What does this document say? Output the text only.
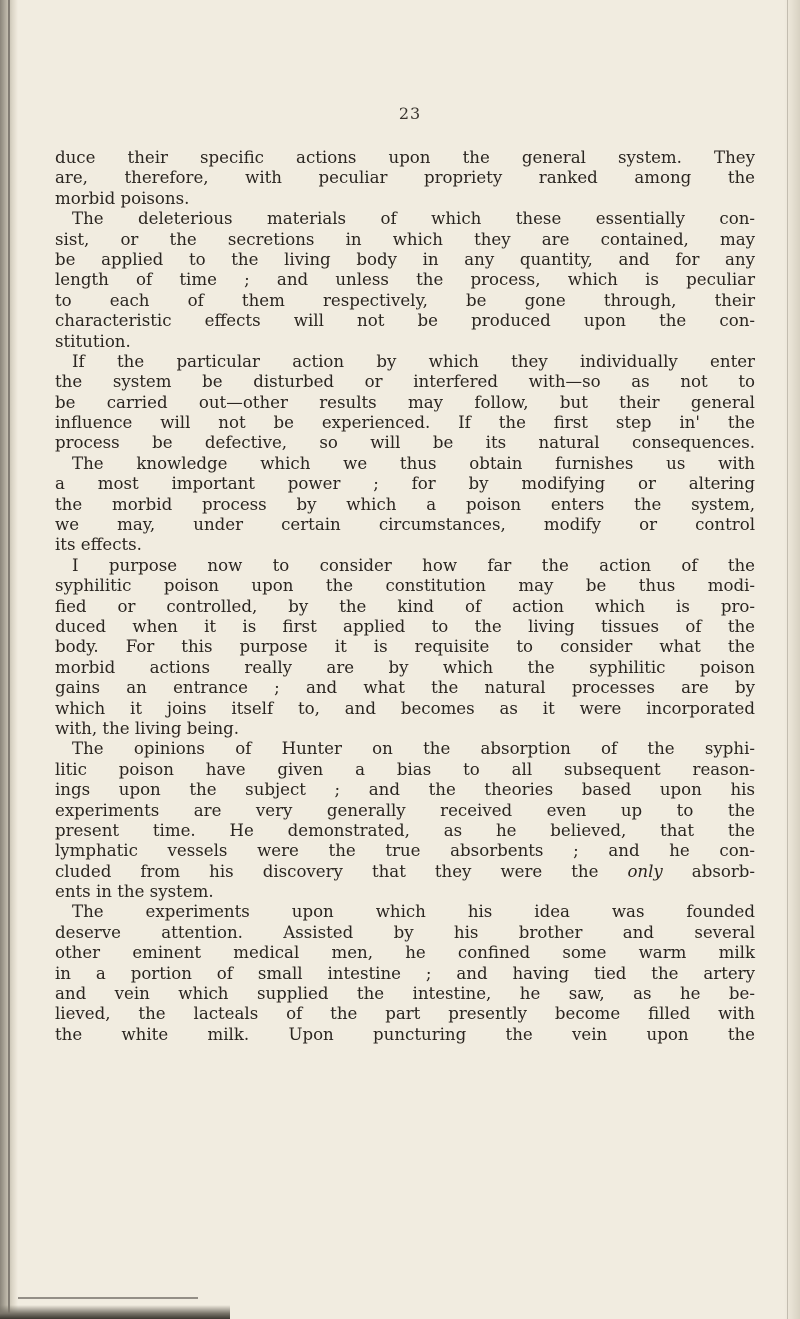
23
duce their specific actions upon the general system. They
are, therefore, with peculiar propriety ranked among the
morbid poisons.
The deleterious materials of which these essentially con-
sist, or the secretions in which they are contained, may
be applied to the living body in any quantity, and for any
length of time ; and unless the process, which is peculiar
to each of them respectively, be gone through, their
characteristic effects will not be produced upon the con-
stitution.
If the particular action by which they individually enter
the system be disturbed or interfered with—so as not to
be carried out—other results may follow, but their general
influence will not be experienced. If the first step in' the
process be defective, so will be its natural consequences.
The knowledge which we thus obtain furnishes us with
a most important power ; for by modifying or altering
the morbid process by which a poison enters the system,
we may, under certain circumstances, modify or control
its effects.
I purpose now to consider how far the action of the
syphilitic poison upon the constitution may be thus modi-
fied or controlled, by the kind of action which is pro-
duced when it is first applied to the living tissues of the
body. For this purpose it is requisite to consider what the
morbid actions really are by which the syphilitic poison
gains an entrance ; and what the natural processes are by
which it joins itself to, and becomes as it were incorporated
with, the living being.
The opinions of Hunter on the absorption of the syphi-
litic poison have given a bias to all subsequent reason-
ings upon the subject ; and the theories based upon his
experiments are very generally received even up to the
present time. He demonstrated, as he believed, that the
lymphatic vessels were the true absorbents ; and he con-
cluded from his discovery that they were the only absorb-
ents in the system.
The experiments upon which his idea was founded
deserve attention. Assisted by his brother and several
other eminent medical men, he confined some warm milk
in a portion of small intestine ; and having tied the artery
and vein which supplied the intestine, he saw, as he be-
lieved, the lacteals of the part presently become filled with
the white milk. Upon puncturing the vein upon the
